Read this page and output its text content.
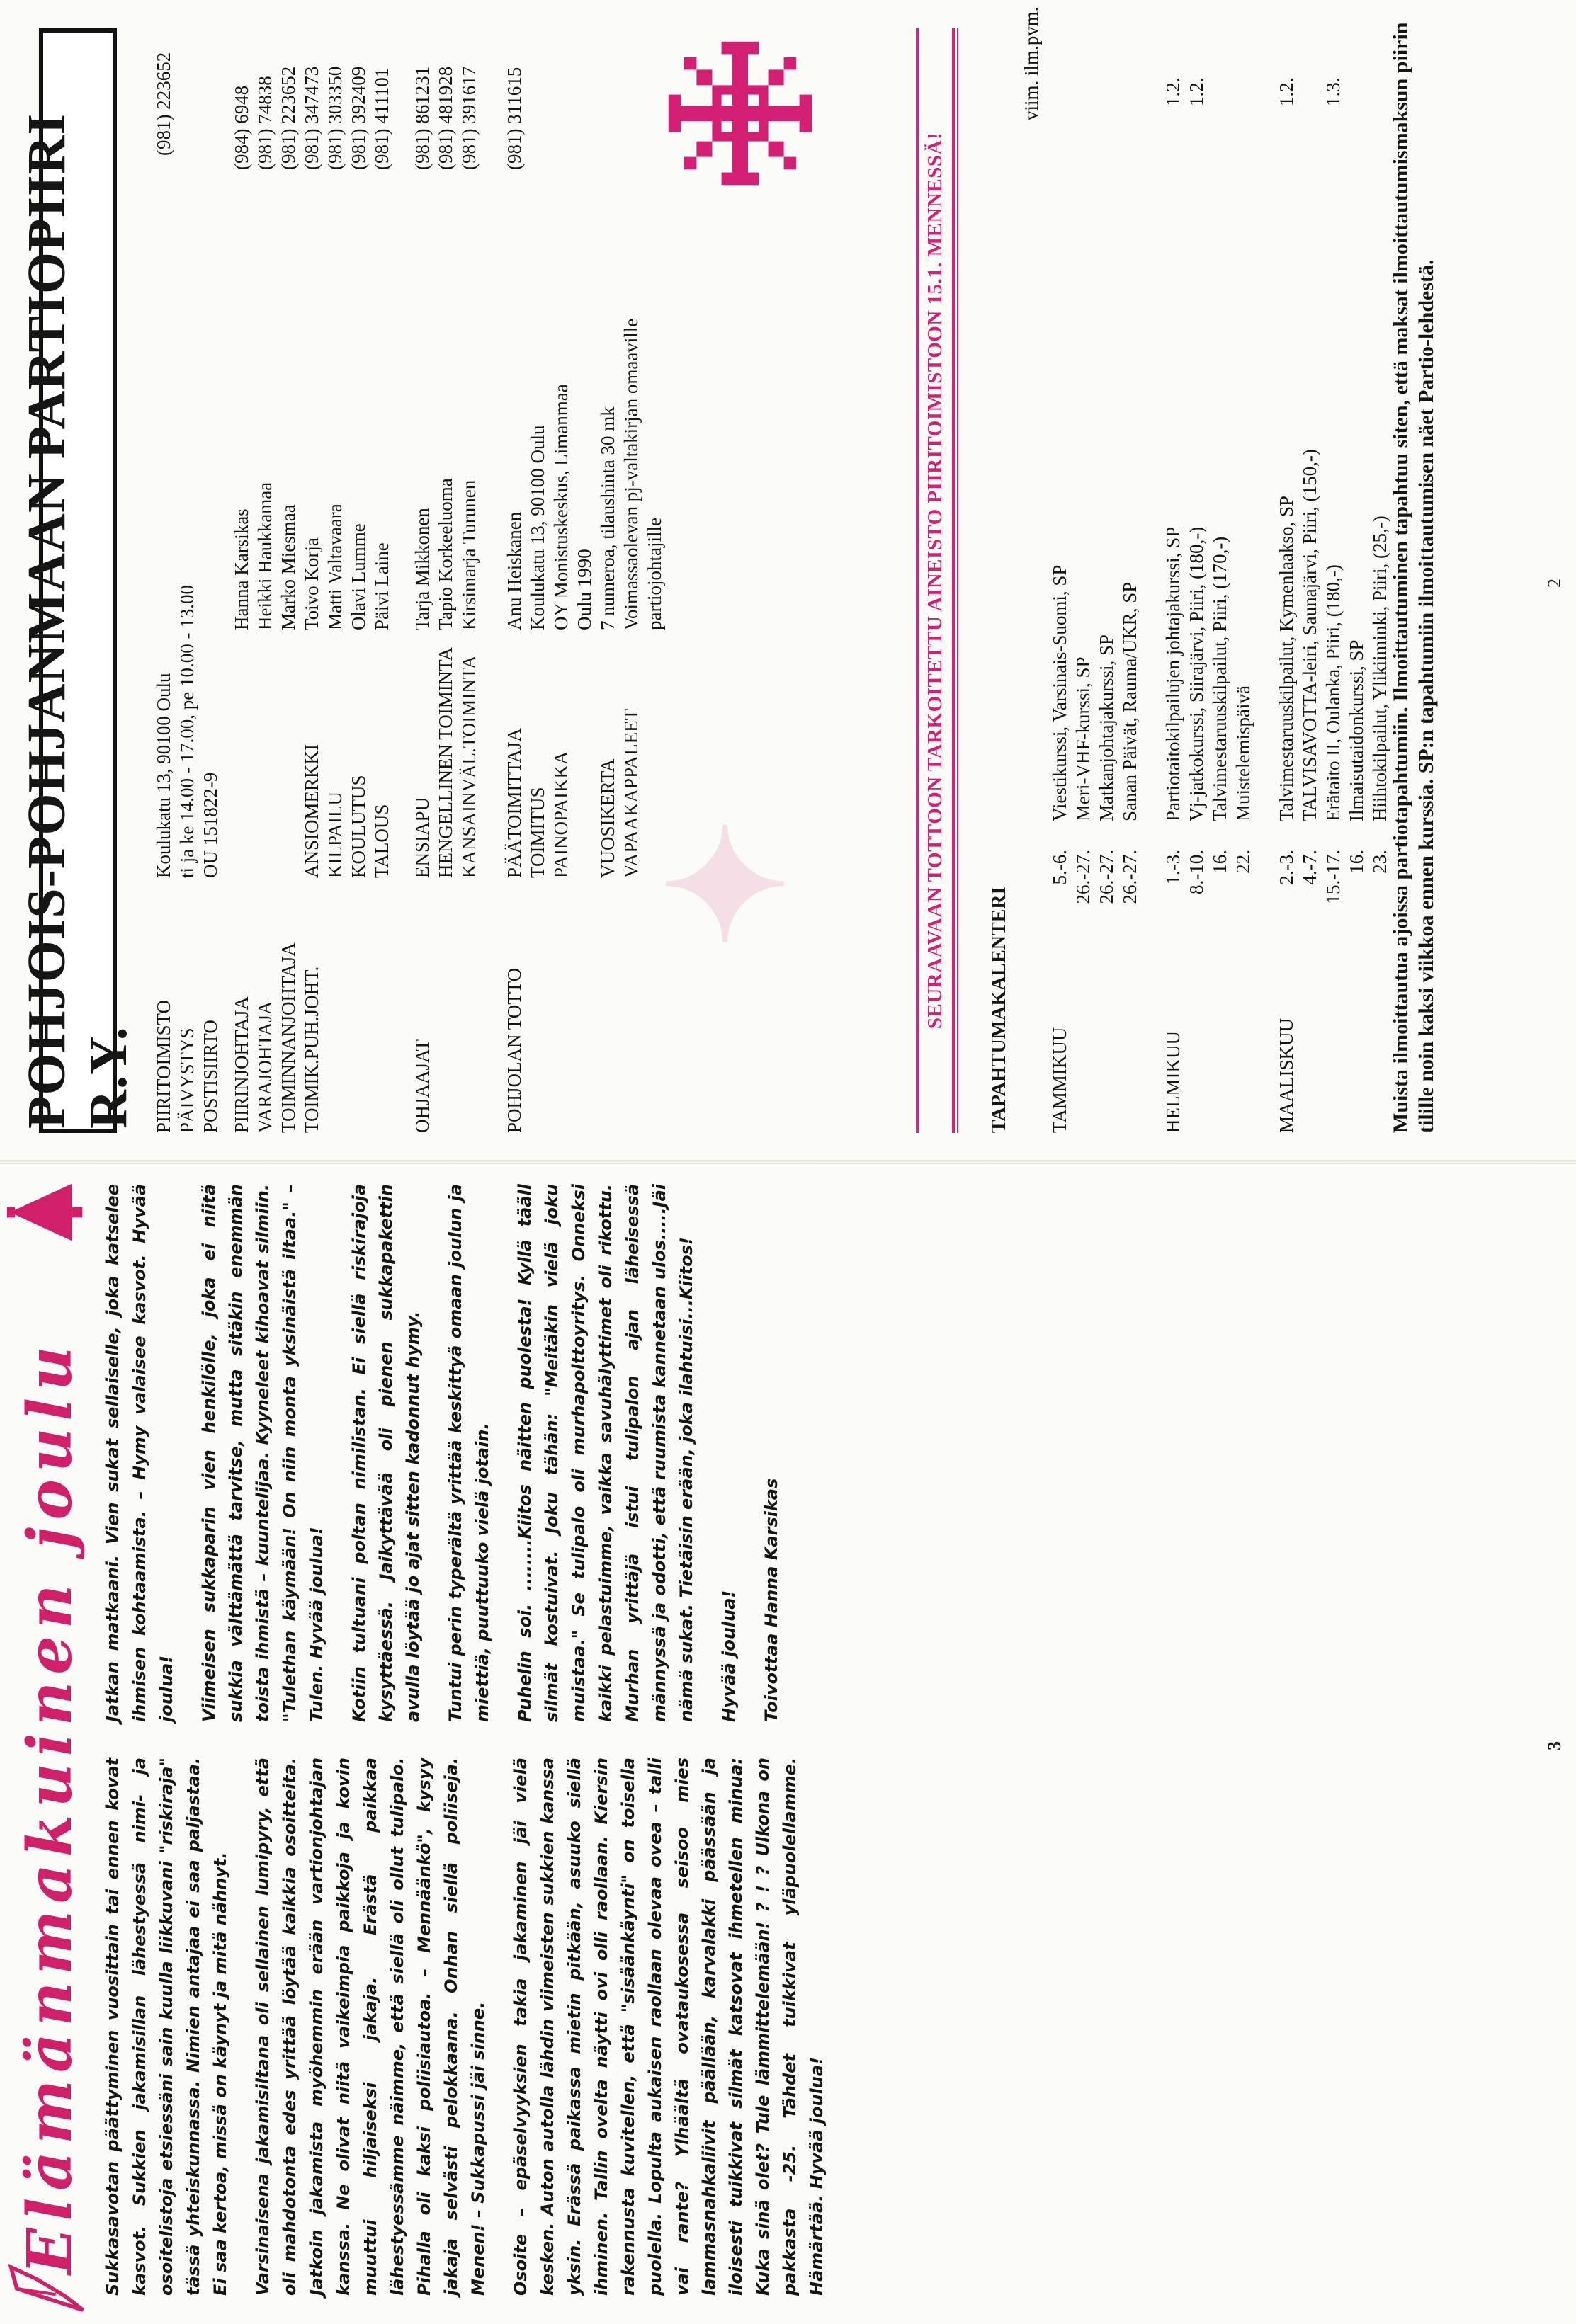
✦
POHJOIS-POHJANMAAN PARTIOPIIRI R.Y. PIIRITOIMISTO
Koulukatu 13, 90100 Oulu
(981) 223652
PÄIVYSTYS
ti ja ke 14.00 - 17.00, pe 10.00 - 13.00
POSTISIIRTO
OU 151822-9
PIIRINJOHTAJA
Hanna Karsikas
(984) 6948
VARAJOHTAJA
Heikki Haukkamaa
(981) 74838
TOIMINNANJOHTAJA
Marko Miesmaa
(981) 223652
TOIMIK.PUH.JOHT.
ANSIOMERKKI
Toivo Korja
(981) 347473
KILPAILU
Matti Valtavaara
(981) 303350
KOULUTUS
Olavi Lumme
(981) 392409
TALOUS
Päivi Laine
(981) 411101
OHJAAJAT
ENSIAPU
Tarja Mikkonen
(981) 861231
HENGELLINEN TOIMINTA
Tapio Korkeeluoma
(981) 481928
KANSAINVÄL.TOIMINTA
Kirsimarja Turunen
(981) 391617
POHJOLAN TOTTO
PÄÄTOIMITTAJA
Anu Heiskanen
(981) 311615
TOIMITUS
Koulukatu 13, 90100 Oulu
PAINOPAIKKA
OY Monistuskeskus, Limanmaa Oulu 1990
VUOSIKERTA
7 numeroa, tilaushinta 30 mk
VAPAAKAPPALEET
Voimassaolevan pj-valtakirjan omaaville partiojohtajille	SEURAAVAAN TOTTOON TARKOITETTU AINEISTO PIIRITOIMISTOON 15.1. MENNESSÄ! TAPAHTUMAKALENTERI
viim. ilm.pvm.
TAMMIKUU
5.-6.
Viestikurssi, Varsinais-Suomi, SP
26.-27.
Meri-VHF-kurssi, SP
26.-27.
Matkanjohtajakurssi, SP
26.-27.
Sanan Päivät, Rauma/UKR, SP
HELMIKUU
1.-3.
Partiotaitokilpailujen johtajakurssi, SP
1.2.
8.-10.
Vj-jatkokurssi, Siirajärvi, Piiri, (180,-)
1.2.
16.
Talvimestaruuskilpailut, Piiri, (170,-)
22.
Muistelemispäivä
MAALISKUU
2.-3.
Talvimestaruuskilpailut, Kymenlaakso, SP
1.2.
4.-7.
TALVISAVOTTA-leiri, Saunajärvi, Piiri, (150,-)
15.-17.
Erätaito II, Oulanka, Piiri, (180,-)
1.3.
16.
Ilmaisutaidonkurssi, SP
23.
Hiihtokilpailut, Ylikiiminki, Piiri, (25,-)
Muista ilmoittautua ajoissa partiotapahtumiin. Ilmoittautuminen tapahtuu siten, että maksat ilmoittautumismaksun piirin tilille noin kaksi viikkoa ennen kurssia. SP:n tapahtumiin ilmoittautumisen näet Partio-lehdestä.	2
Elämänmakuinen joulu Sukkasavotan päättyminen vuosittain tai ennen kovat kasvot. Sukkien jakamisillan lähestyessä nimi- ja osoitelistoja etsiessäni sain kuulla liikkuvani "riskiraja" tässä yhteiskunnassa. Nimien antajaa ei saa paljastaa. Ei saa kertoa, missä on käynyt ja mitä nähnyt. Varsinaisena jakamisiltana oli sellainen lumipyry, että oli mahdotonta edes yrittää löytää kaikkia osoitteita. Jatkoin jakamista myöhemmin erään vartionjohtajan kanssa. Ne olivat niitä vaikeimpia paikkoja ja kovin muuttui hiljaiseksi jakaja. Erästä paikkaa lähestyessämme näimme, että siellä oli ollut tulipalo. Pihalla oli kaksi poliisiautoa. – Mennäänkö", kysyy jakaja selvästi pelokkaana. Onhan siellä poliiseja. Menen! – Sukkapussi jäi sinne. Osoite – epäselvyyksien takia jakaminen jäi vielä kesken. Auton autolla lähdin viimeisten sukkien kanssa yksin. Erässä paikassa mietin pitkään, asuuko siellä ihminen. Tallin ovelta näytti ovi olli raollaan. Kiersin rakennusta kuvitellen, että "sisäänkäynti" on toisella puolella. Lopulta aukaisen raollaan olevaa ovea – talli vai rante? Ylhäältä ovataukosessa seisoo mies lammasnahkaliivit päällään, karvalakki päässään ja iloisesti tuikkivat silmät katsovat ihmetellen minua: Kuka sinä olet? Tule lämmittelemään! ? ! ? Ulkona on pakkasta -25. Tähdet tuikkivat yläpuolellamme. Hämärtää. Hyvää joulua!

Jatkan matkaani. Vien sukat sellaiselle, joka katselee ihmisen kohtaamista. – Hymy valaisee kasvot. Hyvää joulua! Viimeisen sukkaparin vien henkilölle, joka ei niitä sukkia välttämättä tarvitse, mutta sitäkin enemmän toista ihmistä – kuuntelijaa. Kyyneleet kihoavat silmiin. "Tulethan käymään! On niin monta yksinäistä iltaa." – Tulen. Hyvää joulua! Kotiin tultuani poltan nimilistan. Ei siellä riskirajoja kysyttäessä. Jaikyttävää oli pienen sukkapakettin avulla löytää jo ajat sitten kadonnut hymy. Tuntui perin typerältä yrittää keskittyä omaan joulun ja miettiä, puuttuuko vielä jotain. Puhelin soi. ........Kiitos näitten puolesta! Kyllä tääll silmät kostuivat. Joku tähän: "Meitäkin vielä joku muistaa." Se tulipalo oli murhapolttoyritys. Onneksi kaikki pelastuimme, vaikka savuhälyttimet oli rikottu. Murhan yrittäjä istui tulipalon ajan läheisessä männyssä ja odotti, että ruumista kannetaan ulos.....Jäi nämä sukat. Tietäisin erään, joka ilahtuisi...Kiitos! Hyvää joulua! Toivottaa Hanna Karsikas

3
